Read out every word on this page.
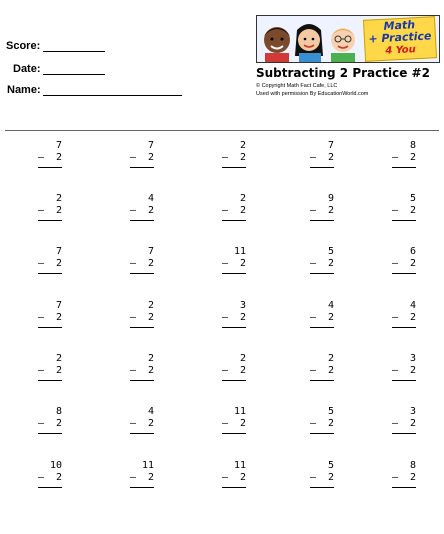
Score:
Date:
Name:
Math
+ Practice
4 You
Subtracting 2 Practice #2
© Copyright Math Fact Cafe, LLC
Used with permission By EducationWorld.com
7
– 2
7
– 2
2
– 2
7
– 2
8
– 2
2
– 2
4
– 2
2
– 2
9
– 2
5
– 2
7
– 2
7
– 2
11
– 2
5
– 2
6
– 2
7
– 2
2
– 2
3
– 2
4
– 2
4
– 2
2
– 2
2
– 2
2
– 2
2
– 2
3
– 2
8
– 2
4
– 2
11
– 2
5
– 2
3
– 2
10
– 2
11
– 2
11
– 2
5
– 2
8
– 2
